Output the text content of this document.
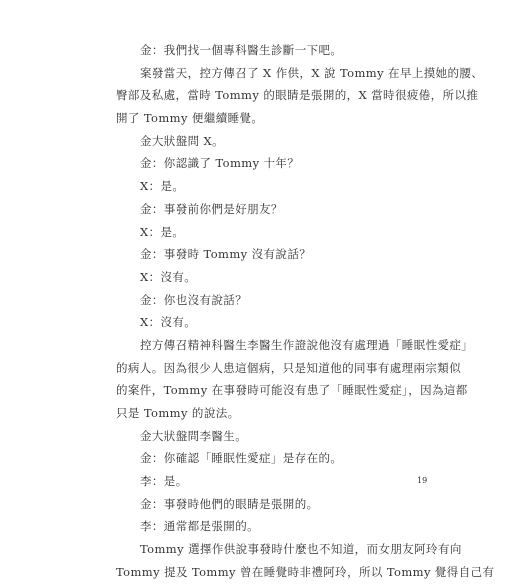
金：我們找一個專科醫生診斷一下吧。
案發當天，控方傳召了 X 作供，X 說 Tommy 在早上摸她的腰、
臀部及私處，當時 Tommy 的眼睛是張開的，X 當時很疲倦，所以推
開了 Tommy 便繼續睡覺。
金大狀盤問 X。
金：你認識了 Tommy 十年？
X：是。
金：事發前你們是好朋友？
X：是。
金：事發時 Tommy 沒有說話？
X：沒有。
金：你也沒有說話？
X：沒有。
控方傳召精神科醫生李醫生作證說他沒有處理過「睡眠性愛症」
的病人。因為很少人患這個病，只是知道他的同事有處理兩宗類似
的案件，Tommy 在事發時可能沒有患了「睡眠性愛症」，因為這都
只是 Tommy 的說法。
金大狀盤問李醫生。
金：你確認「睡眠性愛症」是存在的。
李：是。
金：事發時他們的眼睛是張開的。
李：通常都是張開的。
Tommy 選擇作供說事發時什麼也不知道，而女朋友阿玲有向
Tommy 提及 Tommy 曾在睡覺時非禮阿玲，所以 Tommy 覺得自己有
19
